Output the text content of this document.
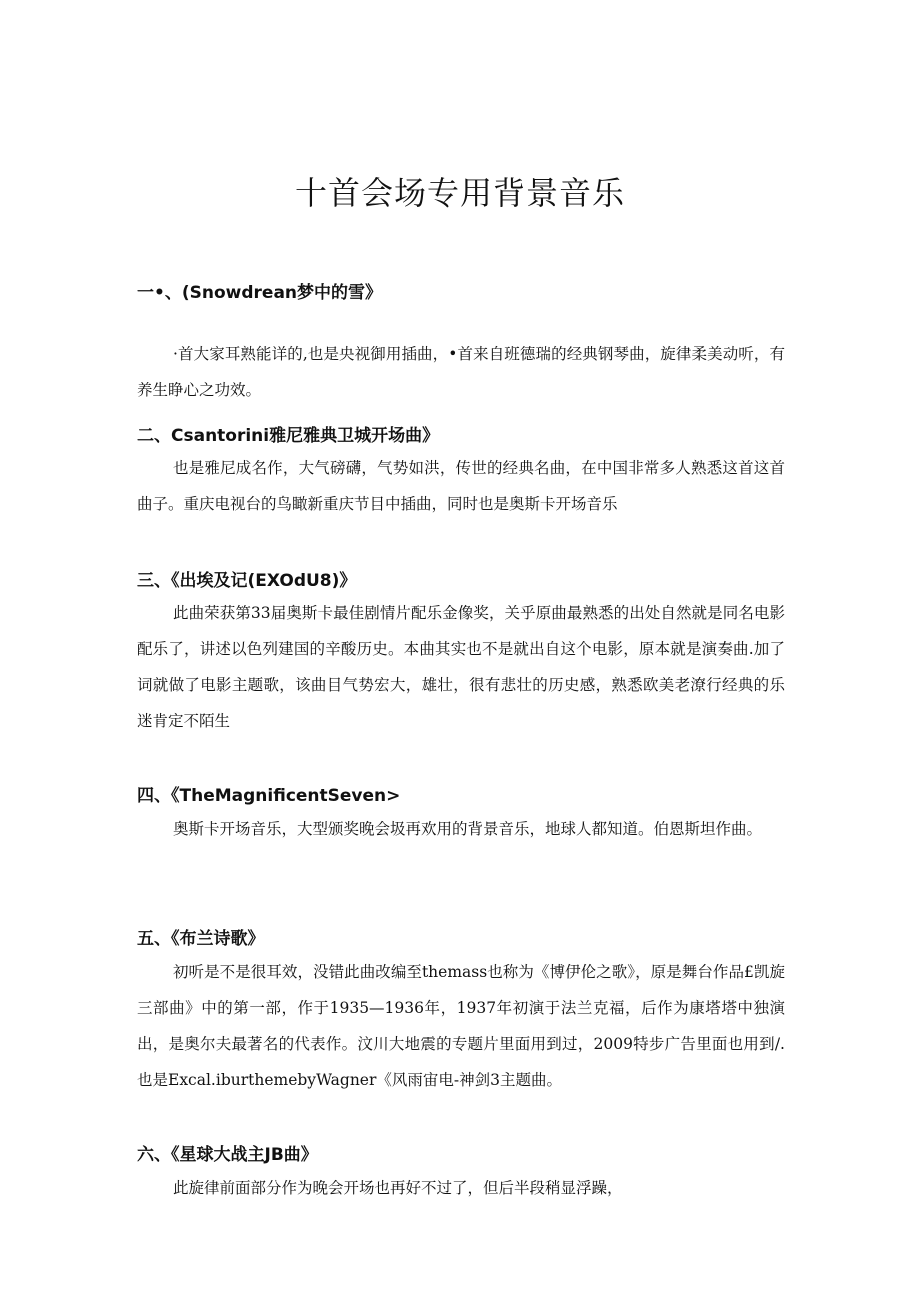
十首会场专用背景音乐
一•、(Snowdrean梦中的雪》

·首大家耳熟能详的,也是央视御用插曲，•首来自班德瑞的经典钢琴曲，旋律柔美动听，有养生睁心之功效。

二、Csantorini雅尼雅典卫城开场曲》

也是雅尼成名作，大气磅礴，气势如洪，传世的经典名曲，在中国非常多人熟悉这首这首曲子。重庆电视台的鸟瞰新重庆节目中插曲，同时也是奥斯卡开场音乐

三、《出埃及记(EXOdU8)》

此曲荣获第33届奥斯卡最佳剧情片配乐金像奖，关乎原曲最熟悉的出处自然就是同名电影配乐了，讲述以色列建国的辛酸历史。本曲其实也不是就出自这个电影，原本就是演奏曲.加了词就做了电影主题歌，该曲目气势宏大，雄壮，很有悲壮的历史感，熟悉欧美老潦行经典的乐迷肯定不陌生

四、《TheMagnificentSeven>

奥斯卡开场音乐，大型颁奖晚会圾再欢用的背景音乐，地球人都知道。伯恩斯坦作曲。

五、《布兰诗歌》

初听是不是很耳效，没错此曲改编至themass也称为《博伊伦之歌》，原是舞台作品£凯旋三部曲》中的第一部，作于1935—1936年，1937年初演于法兰克福，后作为康塔塔中独演出，是奥尔夫最著名的代表作。汶川大地震的专题片里面用到过，2009特步广告里面也用到/.也是Excal.iburthemebyWagner《风雨宙电-神剑3主题曲。

六、《星球大战主JB曲》

此旋律前面部分作为晚会开场也再好不过了，但后半段稍显浮躁，
